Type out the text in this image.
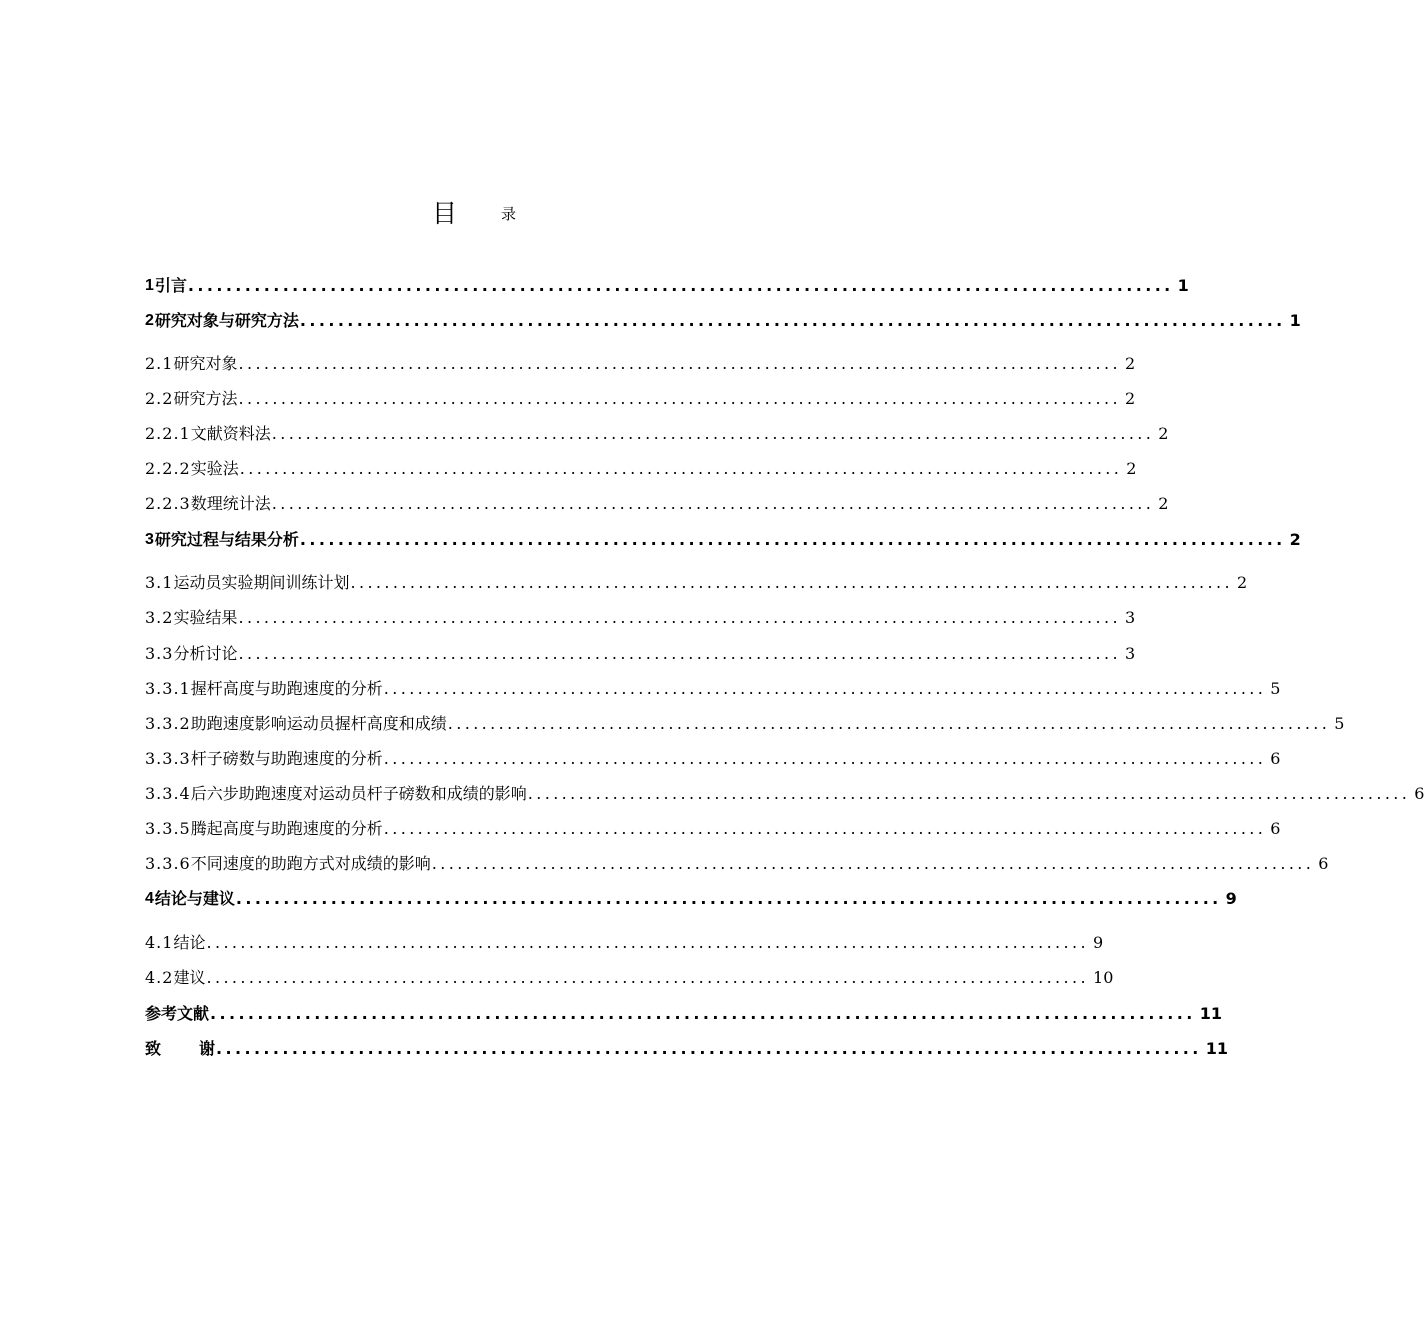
目	录
1 引言 ........................................................................................................ 1
2 研究对象与研究方法 ........................................................................................................ 1
2.1 研究对象 ........................................................................................................ 2
2.2 研究方法 ........................................................................................................ 2
2.2.1 文献资料法 ........................................................................................................ 2
2.2.2 实验法 ........................................................................................................ 2
2.2.3 数理统计法 ........................................................................................................ 2
3 研究过程与结果分析 ........................................................................................................ 2
3.1 运动员实验期间训练计划 ........................................................................................................ 2
3.2 实验结果 ........................................................................................................ 3
3.3 分析讨论 ........................................................................................................ 3
3.3.1 握杆高度与助跑速度的分析 ........................................................................................................ 5
3.3.2 助跑速度影响运动员握杆高度和成绩 ........................................................................................................ 5
3.3.3 杆子磅数与助跑速度的分析 ........................................................................................................ 6
3.3.4 后六步助跑速度对运动员杆子磅数和成绩的影响 ........................................................................................................ 6
3.3.5 腾起高度与助跑速度的分析 ........................................................................................................ 6
3.3.6 不同速度的助跑方式对成绩的影响 ........................................................................................................ 6
4 结论与建议 ........................................................................................................ 9
4.1 结论 ........................................................................................................ 9
4.2 建议 ........................................................................................................ 10
参考文献 ........................................................................................................ 11
致 谢 ........................................................................................................ 11
